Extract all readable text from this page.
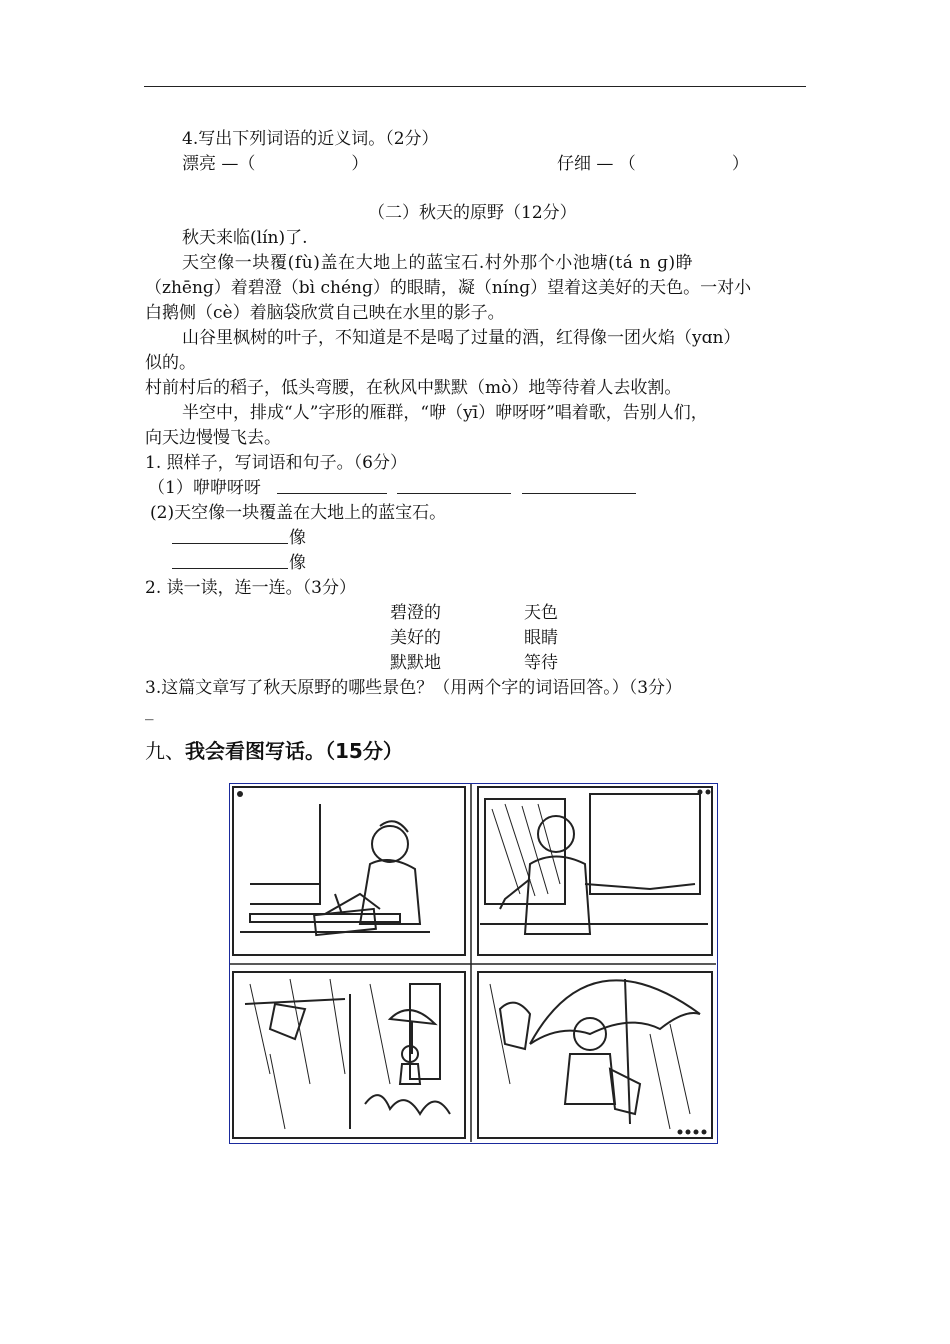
4.写出下列词语的近义词。（2分）
漂亮 —（	）	仔细 — （	）
（二）秋天的原野（12分）
秋天来临(lín)了.
天空像一块覆(fù)盖在大地上的蓝宝石.村外那个小池塘(tá n ɡ)睁
（zhēnɡ）着碧澄（bì chénɡ）的眼睛，凝（nínɡ）望着这美好的天色。一对小
白鹅侧（cè）着脑袋欣赏自己映在水里的影子。
山谷里枫树的叶子，不知道是不是喝了过量的酒，红得像一团火焰（yɑn）
似的。
村前村后的稻子，低头弯腰，在秋风中默默（mò）地等待着人去收割。
半空中，排成“人”字形的雁群，“咿（yī）咿呀呀”唱着歌，告别人们，
向天边慢慢飞去。
1. 照样子，写词语和句子。（6分）
（1）咿咿呀呀
(2)天空像一块覆盖在大地上的蓝宝石。
像
像
2. 读一读，连一连。（3分）
碧澄的	天色
美好的	眼睛
默默地	等待
3.这篇文章写了秋天原野的哪些景色？（用两个字的词语回答。）（3分）
_
九、我会看图写话。（15分）
